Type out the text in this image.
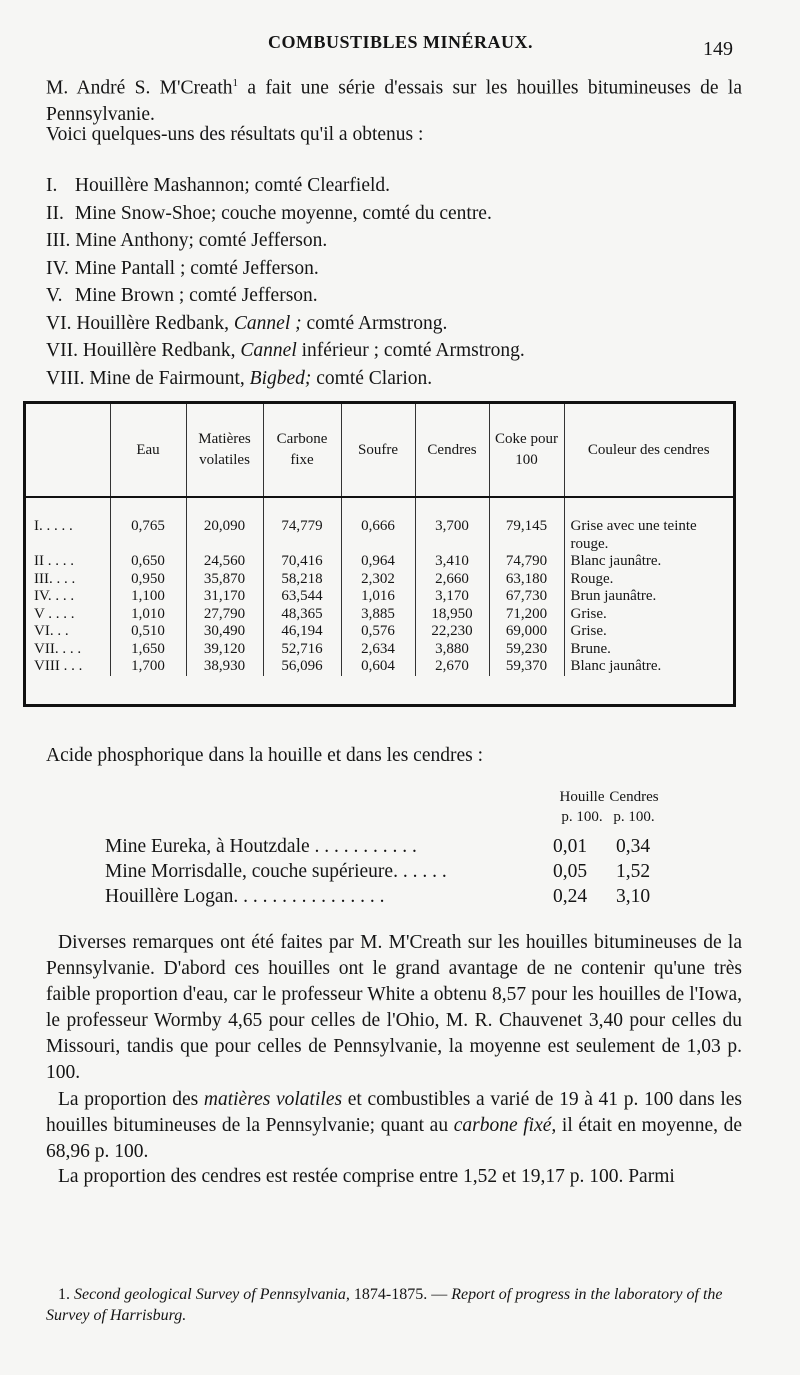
COMBUSTIBLES MINÉRAUX.	149
M. André S. M'Creath$^1$ a fait une série d'essais sur les houilles bitumineuses de la Pennsylvanie.
Voici quelques-uns des résultats qu'il a obtenus :
I. Houillère Mashannon; comté Clearfield.
II. Mine Snow-Shoe; couche moyenne, comté du centre.
III. Mine Anthony; comté Jefferson.
IV. Mine Pantall ; comté Jefferson.
V. Mine Brown ; comté Jefferson.
VI. Houillère Redbank, Cannel ; comté Armstrong.
VII. Houillère Redbank, Cannel inférieur ; comté Armstrong.
VIII. Mine de Fairmount, Bigbed; comté Clarion.
	Eau	Matières volatiles	Carbone fixe	Soufre	Cendres	Coke pour 100	Couleur des cendres
I. . . . .	0,765	20,090	74,779	0,666	3,700	79,145	Grise avec une teinte rouge.
II . . . .	0,650	24,560	70,416	0,964	3,410	74,790	Blanc jaunâtre.
III. . . .	0,950	35,870	58,218	2,302	2,660	63,180	Rouge.
IV. . . .	1,100	31,170	63,544	1,016	3,170	67,730	Brun jaunâtre.
V . . . .	1,010	27,790	48,365	3,885	18,950	71,200	Grise.
VI. . .	0,510	30,490	46,194	0,576	22,230	69,000	Grise.
VII. . . .	1,650	39,120	52,716	2,634	3,880	59,230	Brune.
VIII . . .	1,700	38,930	56,096	0,604	2,670	59,370	Blanc jaunâtre.
Acide phosphorique dans la houille et dans les cendres :
Houille
p. 100.
Cendres
p. 100.
Mine Eureka, à Houtzdale . . . . . . . . . . .	0,01 0,34
Mine Morrisdalle, couche supérieure. . . . . .	0,05 1,52
Houillère Logan. . . . . . . . . . . . . . . .	0,24 3,10
Diverses remarques ont été faites par M. M'Creath sur les houilles bitumineuses de la Pennsylvanie. D'abord ces houilles ont le grand avantage de ne contenir qu'une très faible proportion d'eau, car le professeur White a obtenu 8,57 pour les houilles de l'Iowa, le professeur Wormby 4,65 pour celles de l'Ohio, M. R. Chauvenet 3,40 pour celles du Missouri, tandis que pour celles de Pennsylvanie, la moyenne est seulement de 1,03 p. 100.
La proportion des matières volatiles et combustibles a varié de 19 à 41 p. 100 dans les houilles bitumineuses de la Pennsylvanie; quant au carbone fixé, il était en moyenne, de 68,96 p. 100.
La proportion des cendres est restée comprise entre 1,52 et 19,17 p. 100. Parmi
1. Second geological Survey of Pennsylvania, 1874-1875. — Report of progress in the laboratory of the Survey of Harrisburg.
